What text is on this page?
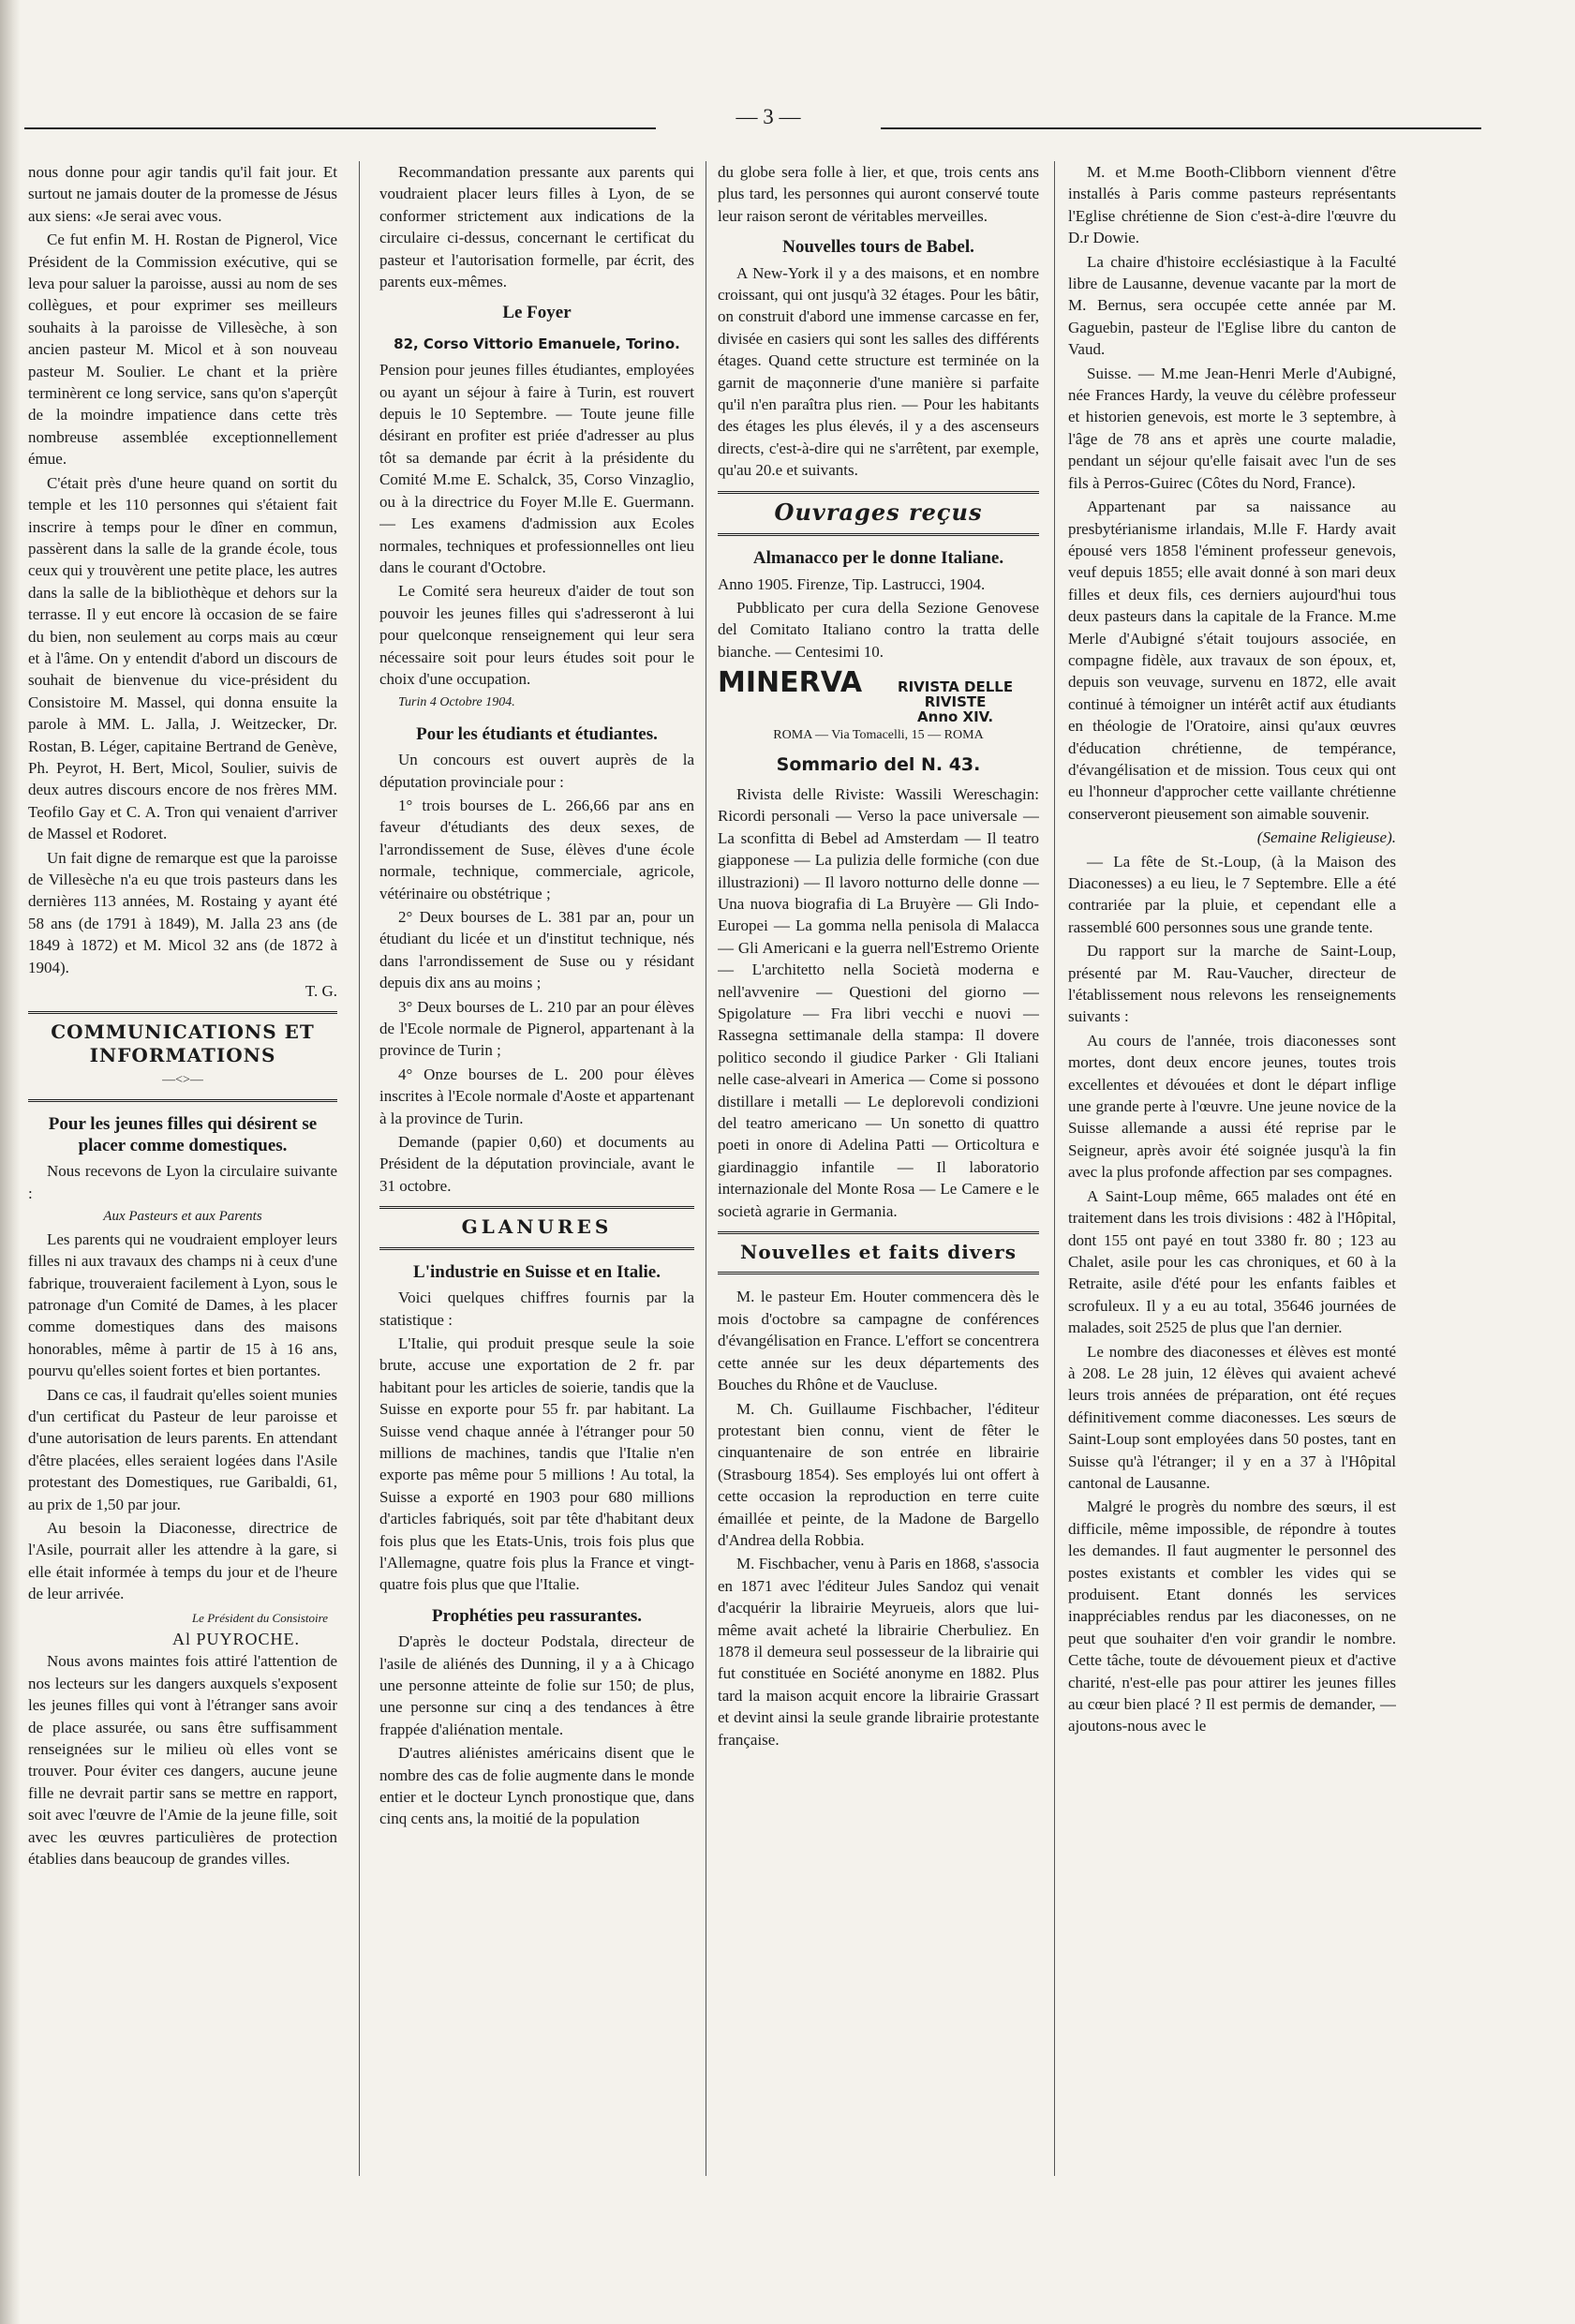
— 3 —

nous donne pour agir tandis qu'il fait jour. Et surtout ne jamais douter de la promesse de Jésus aux siens: «Je serai avec vous.

Ce fut enfin M. H. Rostan de Pignerol, Vice Président de la Commission exécutive, qui se leva pour saluer la paroisse, aussi au nom de ses collègues, et pour exprimer ses meilleurs souhaits à la paroisse de Villesèche, à son ancien pasteur M. Micol et à son nouveau pasteur M. Soulier. Le chant et la prière terminèrent ce long service, sans qu'on s'aperçût de la moindre impatience dans cette très nombreuse assemblée exceptionnellement émue.

C'était près d'une heure quand on sortit du temple et les 110 personnes qui s'étaient fait inscrire à temps pour le dîner en commun, passèrent dans la salle de la grande école, tous ceux qui y trouvèrent une petite place, les autres dans la salle de la bibliothèque et dehors sur la terrasse. Il y eut encore là occasion de se faire du bien, non seulement au corps mais au cœur et à l'âme. On y entendit d'abord un discours de souhait de bienvenue du vice-président du Consistoire M. Massel, qui donna ensuite la parole à MM. L. Jalla, J. Weitzecker, Dr. Rostan, B. Léger, capitaine Bertrand de Genève, Ph. Peyrot, H. Bert, Micol, Soulier, suivis de deux autres discours encore de nos frères MM. Teofilo Gay et C. A. Tron qui venaient d'arriver de Massel et Rodoret.

Un fait digne de remarque est que la paroisse de Villesèche n'a eu que trois pasteurs dans les dernières 113 années, M. Rostaing y ayant été 58 ans (de 1791 à 1849), M. Jalla 23 ans (de 1849 à 1872) et M. Micol 32 ans (de 1872 à 1904).

T. G.

COMMUNICATIONS ET INFORMATIONS
—<>—
Pour les jeunes filles qui désirent se placer comme domestiques.

Nous recevons de Lyon la circulaire suivante :

Aux Pasteurs et aux Parents

Les parents qui ne voudraient employer leurs filles ni aux travaux des champs ni à ceux d'une fabrique, trouveraient facilement à Lyon, sous le patronage d'un Comité de Dames, à les placer comme domestiques dans des maisons honorables, même à partir de 15 à 16 ans, pourvu qu'elles soient fortes et bien portantes.

Dans ce cas, il faudrait qu'elles soient munies d'un certificat du Pasteur de leur paroisse et d'une autorisation de leurs parents. En attendant d'être placées, elles seraient logées dans l'Asile protestant des Domestiques, rue Garibaldi, 61, au prix de 1,50 par jour.

Au besoin la Diaconesse, directrice de l'Asile, pourrait aller les attendre à la gare, si elle était informée à temps du jour et de l'heure de leur arrivée.

Le Président du Consistoire
Al PUYROCHE.

Nous avons maintes fois attiré l'attention de nos lecteurs sur les dangers auxquels s'exposent les jeunes filles qui vont à l'étranger sans avoir de place assurée, ou sans être suffisamment renseignées sur le milieu où elles vont se trouver. Pour éviter ces dangers, aucune jeune fille ne devrait partir sans se mettre en rapport, soit avec l'œuvre de l'Amie de la jeune fille, soit avec les œuvres particulières de protection établies dans beaucoup de grandes villes.

Recommandation pressante aux parents qui voudraient placer leurs filles à Lyon, de se conformer strictement aux indications de la circulaire ci-dessus, concernant le certificat du pasteur et l'autorisation formelle, par écrit, des parents eux-mêmes.

Le Foyer
82, Corso Vittorio Emanuele, Torino.

Pension pour jeunes filles étudiantes, employées ou ayant un séjour à faire à Turin, est rouvert depuis le 10 Septembre. — Toute jeune fille désirant en profiter est priée d'adresser au plus tôt sa demande par écrit à la présidente du Comité M.me E. Schalck, 35, Corso Vinzaglio, ou à la directrice du Foyer M.lle E. Guermann. — Les examens d'admission aux Ecoles normales, techniques et professionnelles ont lieu dans le courant d'Octobre.

Le Comité sera heureux d'aider de tout son pouvoir les jeunes filles qui s'adresseront à lui pour quelconque renseignement qui leur sera nécessaire soit pour leurs études soit pour le choix d'une occupation.

Turin 4 Octobre 1904.

Pour les étudiants et étudiantes.

Un concours est ouvert auprès de la députation provinciale pour :

1° trois bourses de L. 266,66 par ans en faveur d'étudiants des deux sexes, de l'arrondissement de Suse, élèves d'une école normale, technique, commerciale, agricole, vétérinaire ou obstétrique ;

2° Deux bourses de L. 381 par an, pour un étudiant du licée et un d'institut technique, nés dans l'arrondissement de Suse ou y résidant depuis dix ans au moins ;

3° Deux bourses de L. 210 par an pour élèves de l'Ecole normale de Pignerol, appartenant à la province de Turin ;

4° Onze bourses de L. 200 pour élèves inscrites à l'Ecole normale d'Aoste et appartenant à la province de Turin.

Demande (papier 0,60) et documents au Président de la députation provinciale, avant le 31 octobre.

GLANURES
L'industrie en Suisse et en Italie.

Voici quelques chiffres fournis par la statistique :

L'Italie, qui produit presque seule la soie brute, accuse une exportation de 2 fr. par habitant pour les articles de soierie, tandis que la Suisse en exporte pour 55 fr. par habitant. La Suisse vend chaque année à l'étranger pour 50 millions de machines, tandis que l'Italie n'en exporte pas même pour 5 millions ! Au total, la Suisse a exporté en 1903 pour 680 millions d'articles fabriqués, soit par tête d'habitant deux fois plus que les Etats-Unis, trois fois plus que l'Allemagne, quatre fois plus la France et vingt-quatre fois plus que que l'Italie.

Prophéties peu rassurantes.

D'après le docteur Podstala, directeur de l'asile de aliénés des Dunning, il y a à Chicago une personne atteinte de folie sur 150; de plus, une personne sur cinq a des tendances à être frappée d'aliénation mentale.

D'autres aliénistes américains disent que le nombre des cas de folie augmente dans le monde entier et le docteur Lynch pronostique que, dans cinq cents ans, la moitié de la population

du globe sera folle à lier, et que, trois cents ans plus tard, les personnes qui auront conservé toute leur raison seront de véritables merveilles.

Nouvelles tours de Babel.

A New-York il y a des maisons, et en nombre croissant, qui ont jusqu'à 32 étages. Pour les bâtir, on construit d'abord une immense carcasse en fer, divisée en casiers qui sont les salles des différents étages. Quand cette structure est terminée on la garnit de maçonnerie d'une manière si parfaite qu'il n'en paraîtra plus rien. — Pour les habitants des étages les plus élevés, il y a des ascenseurs directs, c'est-à-dire qui ne s'arrêtent, par exemple, qu'au 20.e et suivants.

Ouvrages reçus
Almanacco per le donne Italiane.

Anno 1905. Firenze, Tip. Lastrucci, 1904.

Pubblicato per cura della Sezione Genovese del Comitato Italiano contro la tratta delle bianche. — Centesimi 10.

MINERVA	RIVISTA DELLE RIVISTE
Anno XIV.
ROMA — Via Tomacelli, 15 — ROMA
Sommario del N. 43.

Rivista delle Riviste: Wassili Wereschagin: Ricordi personali — Verso la pace universale — La sconfitta di Bebel ad Amsterdam — Il teatro giapponese — La pulizia delle formiche (con due illustrazioni) — Il lavoro notturno delle donne — Una nuova biografia di La Bruyère — Gli Indo-Europei — La gomma nella penisola di Malacca — Gli Americani e la guerra nell'Estremo Oriente — L'architetto nella Società moderna e nell'avvenire — Questioni del giorno — Spigolature — Fra libri vecchi e nuovi — Rassegna settimanale della stampa: Il dovere politico secondo il giudice Parker · Gli Italiani nelle case-alveari in America — Come si possono distillare i metalli — Le deplorevoli condizioni del teatro americano — Un sonetto di quattro poeti in onore di Adelina Patti — Orticoltura e giardinaggio infantile — Il laboratorio internazionale del Monte Rosa — Le Camere e le società agrarie in Germania.

Nouvelles et faits divers

M. le pasteur Em. Houter commencera dès le mois d'octobre sa campagne de conférences d'évangélisation en France. L'effort se concentrera cette année sur les deux départements des Bouches du Rhône et de Vaucluse.

M. Ch. Guillaume Fischbacher, l'éditeur protestant bien connu, vient de fêter le cinquantenaire de son entrée en librairie (Strasbourg 1854). Ses employés lui ont offert à cette occasion la reproduction en terre cuite émaillée et peinte, de la Madone de Bargello d'Andrea della Robbia.

M. Fischbacher, venu à Paris en 1868, s'associa en 1871 avec l'éditeur Jules Sandoz qui venait d'acquérir la librairie Meyrueis, alors que lui-même avait acheté la librairie Cherbuliez. En 1878 il demeura seul possesseur de la librairie qui fut constituée en Société anonyme en 1882. Plus tard la maison acquit encore la librairie Grassart et devint ainsi la seule grande librairie protestante française.

M. et M.me Booth-Clibborn viennent d'être installés à Paris comme pasteurs représentants l'Eglise chrétienne de Sion c'est-à-dire l'œuvre du D.r Dowie.

La chaire d'histoire ecclésiastique à la Faculté libre de Lausanne, devenue vacante par la mort de M. Bernus, sera occupée cette année par M. Gaguebin, pasteur de l'Eglise libre du canton de Vaud.

Suisse. — M.me Jean-Henri Merle d'Aubigné, née Frances Hardy, la veuve du célèbre professeur et historien genevois, est morte le 3 septembre, à l'âge de 78 ans et après une courte maladie, pendant un séjour qu'elle faisait avec l'un de ses fils à Perros-Guirec (Côtes du Nord, France).

Appartenant par sa naissance au presbytérianisme irlandais, M.lle F. Hardy avait épousé vers 1858 l'éminent professeur genevois, veuf depuis 1855; elle avait donné à son mari deux filles et deux fils, ces derniers aujourd'hui tous deux pasteurs dans la capitale de la France. M.me Merle d'Aubigné s'était toujours associée, en compagne fidèle, aux travaux de son époux, et, depuis son veuvage, survenu en 1872, elle avait continué à témoigner un intérêt actif aux étudiants en théologie de l'Oratoire, ainsi qu'aux œuvres d'éducation chrétienne, de tempérance, d'évangélisation et de mission. Tous ceux qui ont eu l'honneur d'approcher cette vaillante chrétienne conserveront pieusement son aimable souvenir.

(Semaine Religieuse).

— La fête de St.-Loup, (à la Maison des Diaconesses) a eu lieu, le 7 Septembre. Elle a été contrariée par la pluie, et cependant elle a rassemblé 600 personnes sous une grande tente.

Du rapport sur la marche de Saint-Loup, présenté par M. Rau-Vaucher, directeur de l'établissement nous relevons les renseignements suivants :

Au cours de l'année, trois diaconesses sont mortes, dont deux encore jeunes, toutes trois excellentes et dévouées et dont le départ inflige une grande perte à l'œuvre. Une jeune novice de la Suisse allemande a aussi été reprise par le Seigneur, après avoir été soignée jusqu'à la fin avec la plus profonde affection par ses compagnes.

A Saint-Loup même, 665 malades ont été en traitement dans les trois divisions : 482 à l'Hôpital, dont 155 ont payé en tout 3380 fr. 80 ; 123 au Chalet, asile pour les cas chroniques, et 60 à la Retraite, asile d'été pour les enfants faibles et scrofuleux. Il y a eu au total, 35646 journées de malades, soit 2525 de plus que l'an dernier.

Le nombre des diaconesses et élèves est monté à 208. Le 28 juin, 12 élèves qui avaient achevé leurs trois années de préparation, ont été reçues définitivement comme diaconesses. Les sœurs de Saint-Loup sont employées dans 50 postes, tant en Suisse qu'à l'étranger; il y en a 37 à l'Hôpital cantonal de Lausanne.

Malgré le progrès du nombre des sœurs, il est difficile, même impossible, de répondre à toutes les demandes. Il faut augmenter le personnel des postes existants et combler les vides qui se produisent. Etant donnés les services inappréciables rendus par les diaconesses, on ne peut que souhaiter d'en voir grandir le nombre. Cette tâche, toute de dévouement pieux et d'active charité, n'est-elle pas pour attirer les jeunes filles au cœur bien placé ? Il est permis de demander, — ajoutons-nous avec le
